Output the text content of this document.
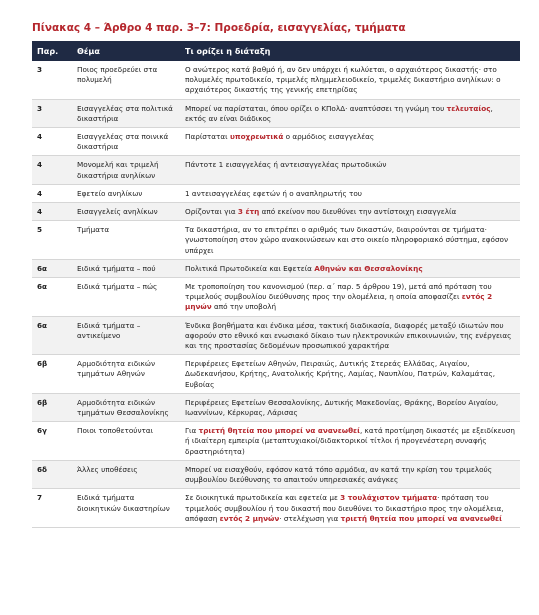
Πίνακας 4 – Άρθρο 4 παρ. 3–7: Προεδρία, εισαγγελίας, τμήματα
Παρ.	Θέμα	Τι ορίζει η διάταξη
3	Ποιος προεδρεύει στα πολυμελή	Ο ανώτερος κατά βαθμό ή, αν δεν υπάρχει ή κωλύεται, ο αρχαιότερος δικαστής· στο πολυμελές πρωτοδικείο, τριμελές πλημμελειοδικείο, τριμελές δικαστήριο ανηλίκων: ο αρχαιότερος δικαστής της γενικής επετηρίδας
3	Εισαγγελέας στα πολιτικά δικαστήρια	Μπορεί να παρίσταται, όπου ορίζει ο ΚΠολΔ· αναπτύσσει τη γνώμη του τελευταίος, εκτός αν είναι διάδικος
4	Εισαγγελέας στα ποινικά δικαστήρια	Παρίσταται υποχρεωτικά ο αρμόδιος εισαγγελέας
4	Μονομελή και τριμελή δικαστήρια ανηλίκων	Πάντοτε 1 εισαγγελέας ή αντεισαγγελέας πρωτοδικών
4	Εφετείο ανηλίκων	1 αντεισαγγελέας εφετών ή ο αναπληρωτής του
4	Εισαγγελείς ανηλίκων	Ορίζονται για 3 έτη από εκείνον που διευθύνει την αντίστοιχη εισαγγελία
5	Τμήματα	Τα δικαστήρια, αν το επιτρέπει ο αριθμός των δικαστών, διαιρούνται σε τμήματα· γνωστοποίηση στον χώρο ανακοινώσεων και στο οικείο πληροφοριακό σύστημα, εφόσον υπάρχει
6α	Ειδικά τμήματα – πού	Πολιτικά Πρωτοδικεία και Εφετεία Αθηνών και Θεσσαλονίκης
6α	Ειδικά τμήματα – πώς	Με τροποποίηση του κανονισμού (περ. α΄ παρ. 5 άρθρου 19), μετά από πρόταση του τριμελούς συμβουλίου διεύθυνσης προς την ολομέλεια, η οποία αποφασίζει εντός 2 μηνών από την υποβολή
6α	Ειδικά τμήματα – αντικείμενο	Ένδικα βοηθήματα και ένδικα μέσα, τακτική διαδικασία, διαφορές μεταξύ ιδιωτών που αφορούν στο εθνικό και ενωσιακό δίκαιο των ηλεκτρονικών επικοινωνιών, της ενέργειας και της προστασίας δεδομένων προσωπικού χαρακτήρα
6β	Αρμοδιότητα ειδικών τμημάτων Αθηνών	Περιφέρειες Εφετείων Αθηνών, Πειραιώς, Δυτικής Στερεάς Ελλάδας, Αιγαίου, Δωδεκανήσου, Κρήτης, Ανατολικής Κρήτης, Λαμίας, Ναυπλίου, Πατρών, Καλαμάτας, Ευβοίας
6β	Αρμοδιότητα ειδικών τμημάτων Θεσσαλονίκης	Περιφέρειες Εφετείων Θεσσαλονίκης, Δυτικής Μακεδονίας, Θράκης, Βορείου Αιγαίου, Ιωαννίνων, Κέρκυρας, Λάρισας
6γ	Ποιοι τοποθετούνται	Για τριετή θητεία που μπορεί να ανανεωθεί, κατά προτίμηση δικαστές με εξειδίκευση ή ιδιαίτερη εμπειρία (μεταπτυχιακοί/διδακτορικοί τίτλοι ή προγενέστερη συναφής δραστηριότητα)
6δ	Άλλες υποθέσεις	Μπορεί να εισαχθούν, εφόσον κατά τόπο αρμόδια, αν κατά την κρίση του τριμελούς συμβουλίου διεύθυνσης το απαιτούν υπηρεσιακές ανάγκες
7	Ειδικά τμήματα διοικητικών δικαστηρίων	Σε διοικητικά πρωτοδικεία και εφετεία με 3 τουλάχιστον τμήματα· πρόταση του τριμελούς συμβουλίου ή του δικαστή που διευθύνει το δικαστήριο προς την ολομέλεια, απόφαση εντός 2 μηνών· στελέχωση για τριετή θητεία που μπορεί να ανανεωθεί
